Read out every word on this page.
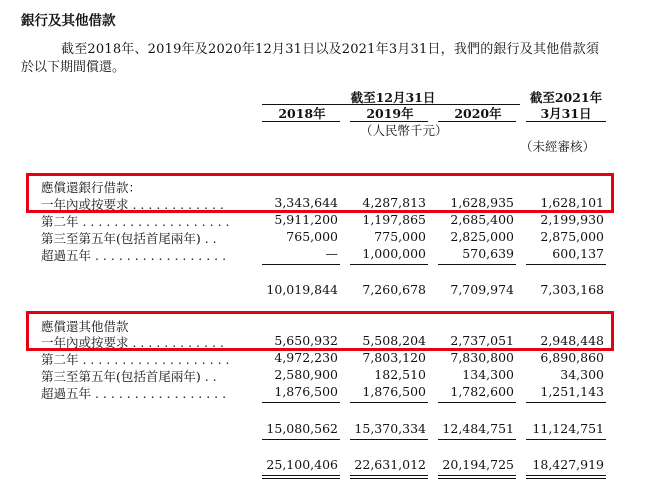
銀行及其他借款
截至2018年、2019年及2020年12月31日以及2021年3月31日，我們的銀行及其他借款須
於以下期間償還。
截至12月31日	截至2021年
2018年	2019年	2020年	3月31日
（人民幣千元）
（未經審核）
應償還銀行借款：
一年內或按要求 . . . . . . . . . . . .	3,343,644	4,287,813	1,628,935	1,628,101
第二年 . . . . . . . . . . . . . . . . . . .	5,911,200	1,197,865	2,685,400	2,199,930
第三至第五年(包括首尾兩年) . .	765,000	775,000	2,825,000	2,875,000
超過五年 . . . . . . . . . . . . . . . . .	—	1,000,000	570,639	600,137
10,019,844	7,260,678	7,709,974	7,303,168
應償還其他借款
一年內或按要求 . . . . . . . . . . . .	5,650,932	5,508,204	2,737,051	2,948,448
第二年 . . . . . . . . . . . . . . . . . . .	4,972,230	7,803,120	7,830,800	6,890,860
第三至第五年(包括首尾兩年) . .	2,580,900	182,510	134,300	34,300
超過五年 . . . . . . . . . . . . . . . . .	1,876,500	1,876,500	1,782,600	1,251,143
15,080,562	15,370,334	12,484,751	11,124,751
25,100,406	22,631,012	20,194,725	18,427,919
